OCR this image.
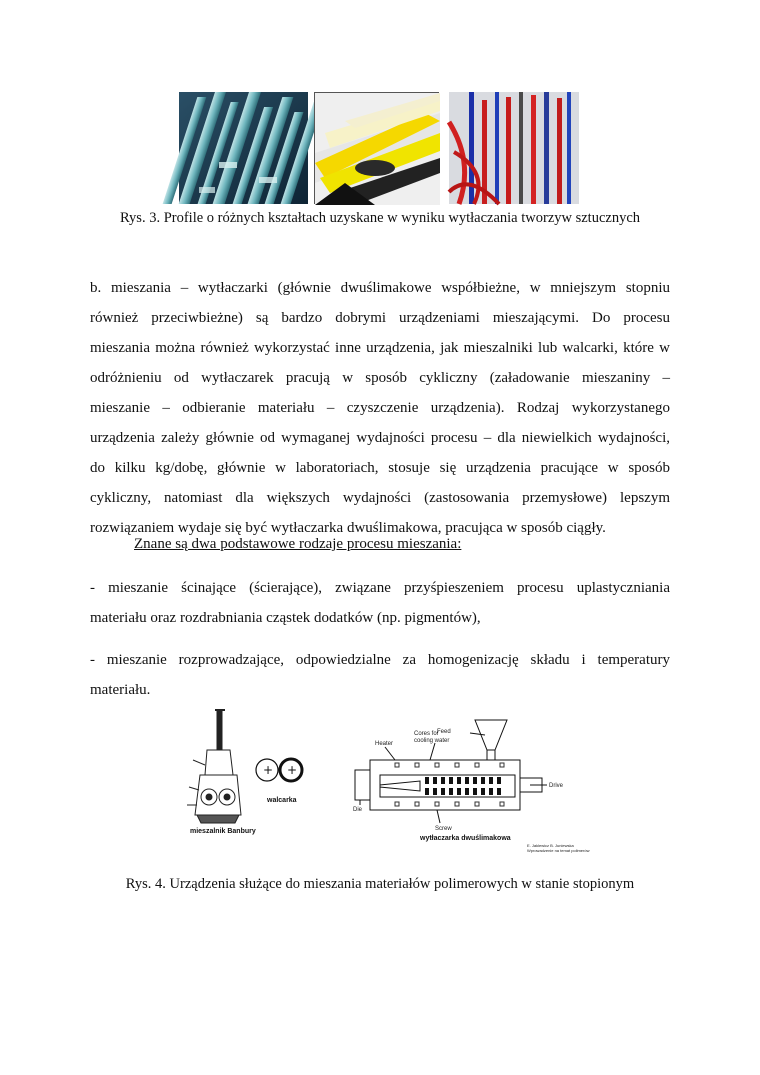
Rys. 3. Profile o różnych kształtach uzyskane w wyniku wytłaczania tworzyw sztucznych
b. mieszania – wytłaczarki (głównie dwuślimakowe współbieżne, w mniejszym stopniu
również przeciwbieżne) są bardzo dobrymi urządzeniami mieszającymi. Do procesu
mieszania można również wykorzystać inne urządzenia, jak mieszalniki lub walcarki, które w
odróżnieniu od wytłaczarek pracują w sposób cykliczny (załadowanie mieszaniny –
mieszanie – odbieranie materiału – czyszczenie urządzenia). Rodzaj wykorzystanego
urządzenia zależy głównie od wymaganej wydajności procesu – dla niewielkich wydajności,
do kilku kg/dobę, głównie w laboratoriach, stosuje się urządzenia pracujące w sposób
cykliczny, natomiast dla większych wydajności (zastosowania przemysłowe) lepszym
rozwiązaniem wydaje się być wytłaczarka dwuślimakowa, pracująca w sposób ciągły.
Znane są dwa podstawowe rodzaje procesu mieszania:
- mieszanie ścinające (ścierające), związane przyśpieszeniem procesu uplastyczniania
materiału oraz rozdrabniania cząstek dodatków (np. pigmentów),
- mieszanie rozprowadzające, odpowiedzialne za homogenizację składu i temperatury
materiału.
mieszalnik Banbury
+ +
walcarka
Feed
Heater
Cores for
cooling water
Drive
Die
Screw
wytłaczarka dwuślimakowa
E. Jaklewicz B. Juniewska
Wprowadzenie na temat polimerów
Rys. 4. Urządzenia służące do mieszania materiałów polimerowych w stanie stopionym
